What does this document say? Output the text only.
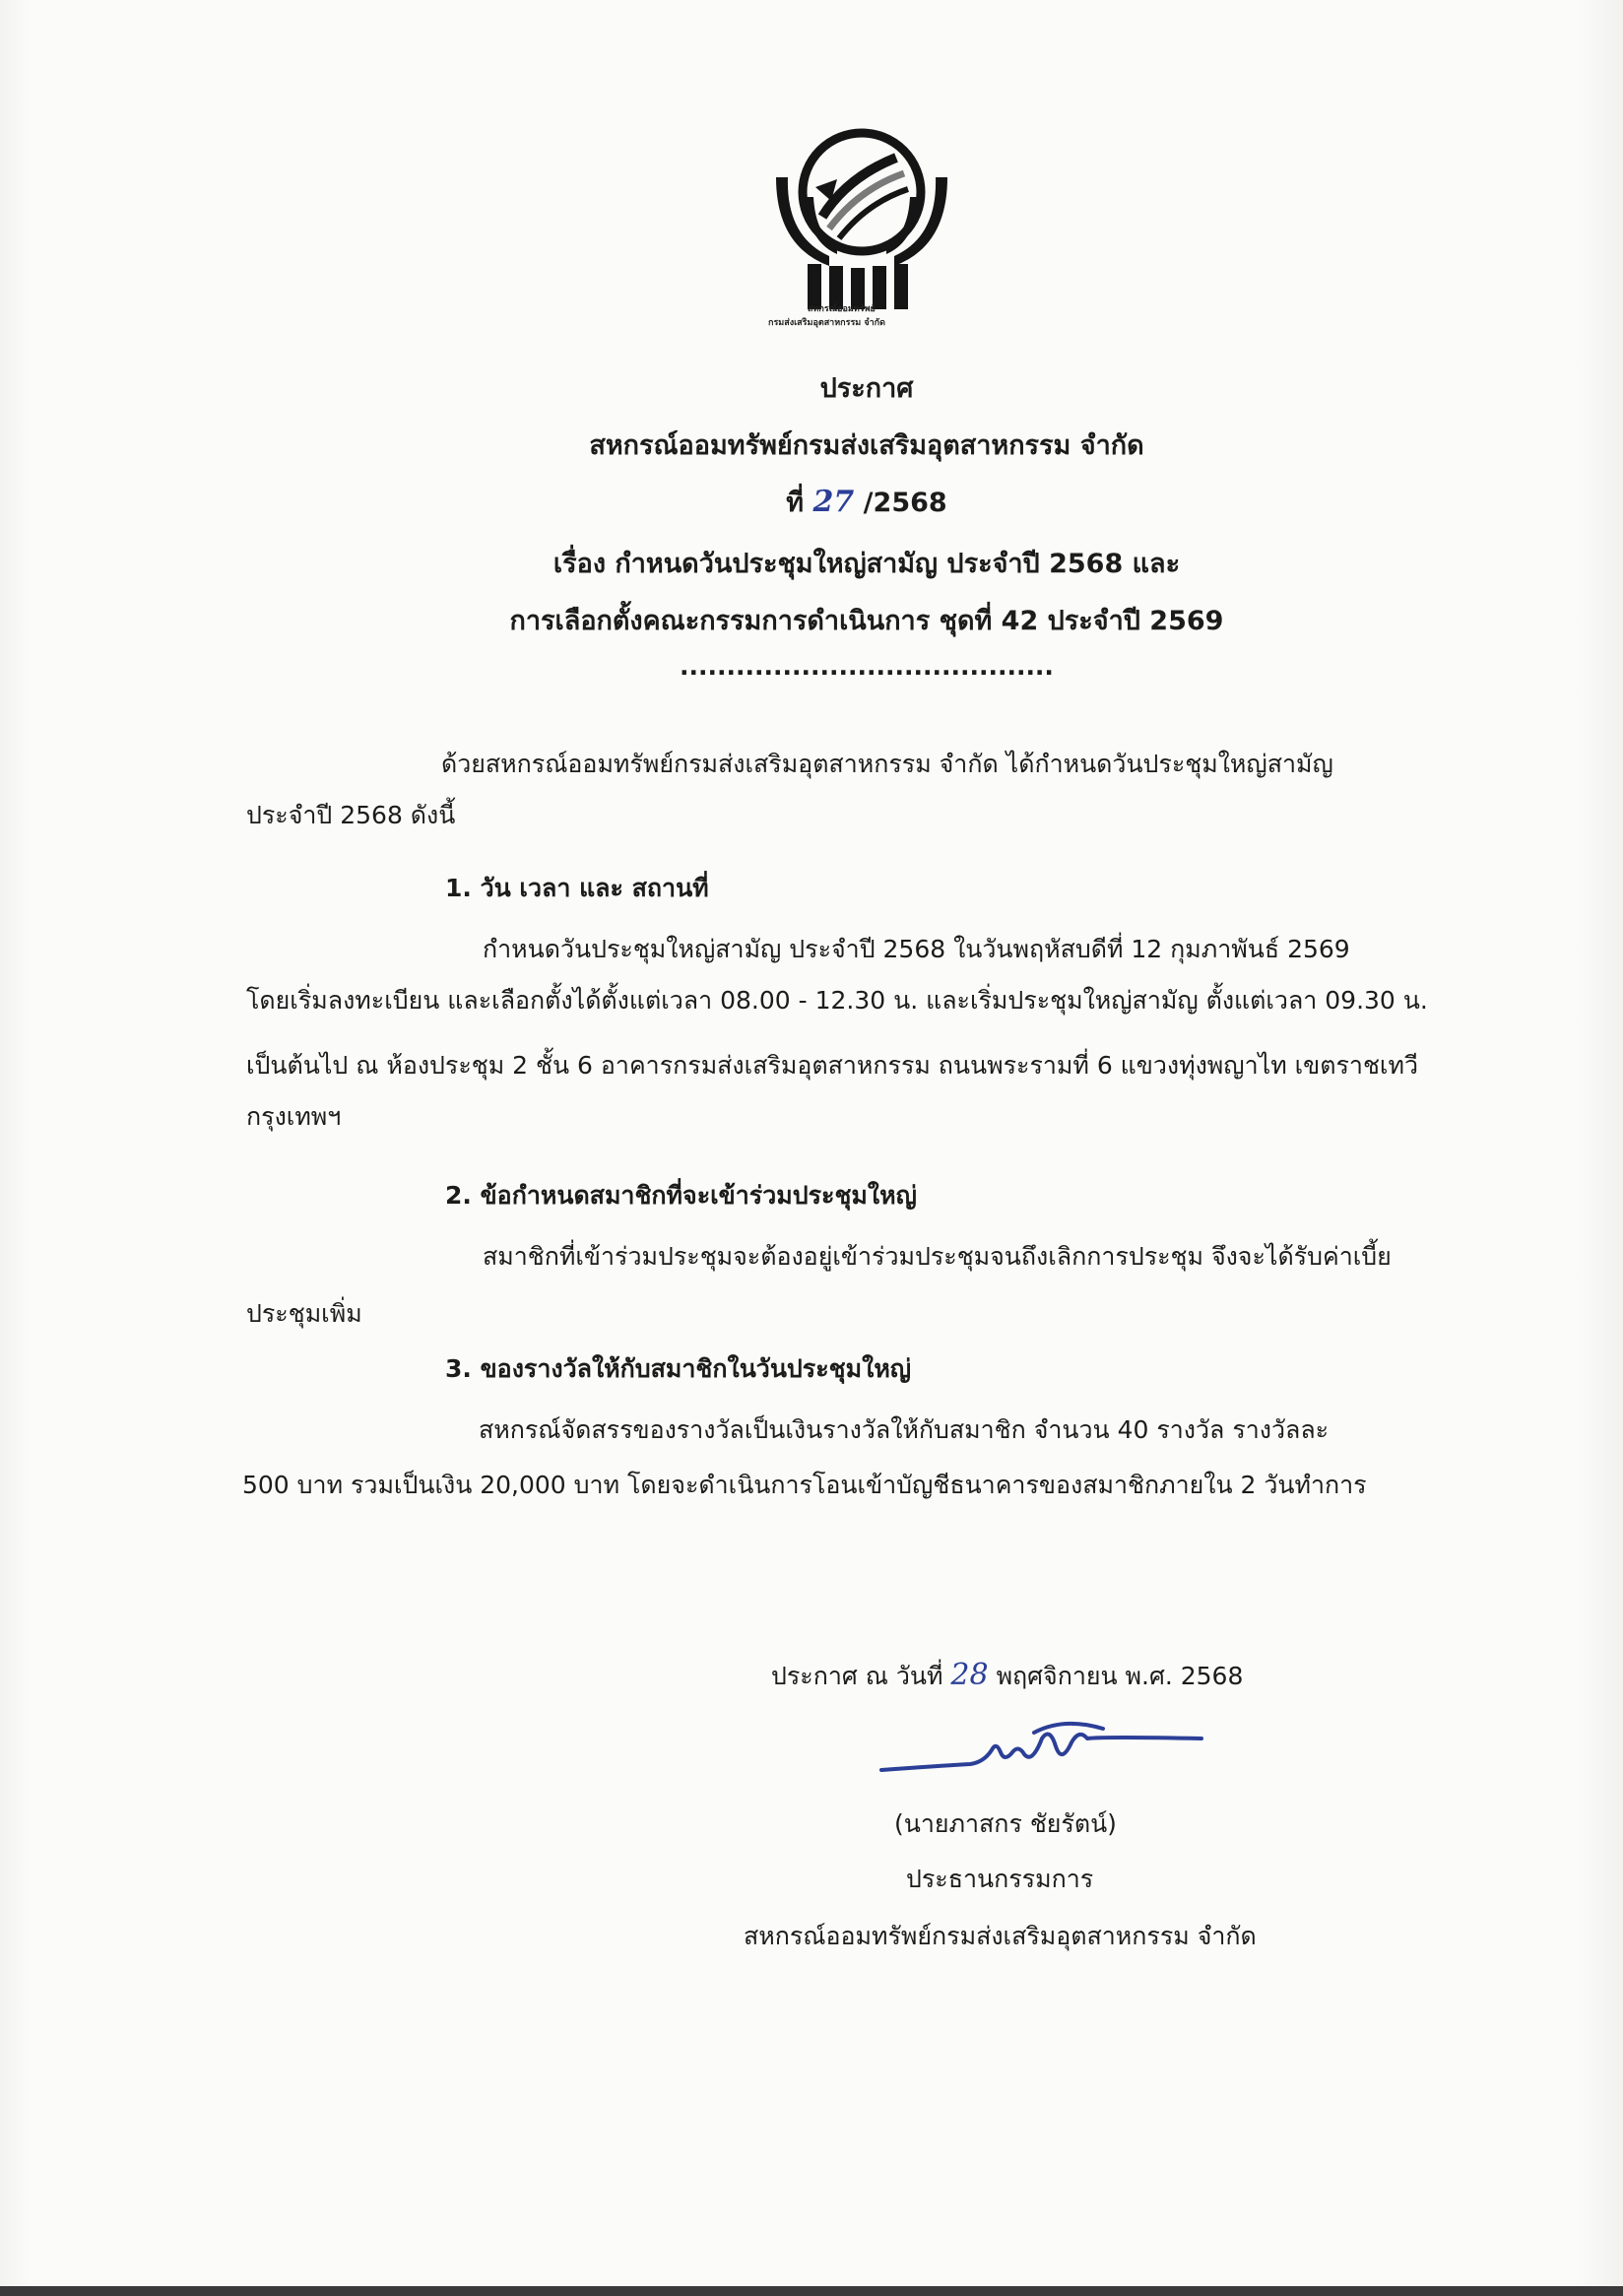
สหกรณ์ออมทรัพย์
กรมส่งเสริมอุตสาหกรรม จำกัด
ประกาศ
สหกรณ์ออมทรัพย์กรมส่งเสริมอุตสาหกรรม จำกัด
ที่ 27 /2568
เรื่อง กำหนดวันประชุมใหญ่สามัญ ประจำปี 2568 และ
การเลือกตั้งคณะกรรมการดำเนินการ ชุดที่ 42 ประจำปี 2569
........................................
ด้วยสหกรณ์ออมทรัพย์กรมส่งเสริมอุตสาหกรรม จำกัด ได้กำหนดวันประชุมใหญ่สามัญ
ประจำปี 2568 ดังนี้
1. วัน เวลา และ สถานที่
กำหนดวันประชุมใหญ่สามัญ ประจำปี 2568 ในวันพฤหัสบดีที่ 12 กุมภาพันธ์ 2569
โดยเริ่มลงทะเบียน และเลือกตั้งได้ตั้งแต่เวลา 08.00 - 12.30 น. และเริ่มประชุมใหญ่สามัญ ตั้งแต่เวลา 09.30 น.
เป็นต้นไป ณ ห้องประชุม 2 ชั้น 6 อาคารกรมส่งเสริมอุตสาหกรรม ถนนพระรามที่ 6 แขวงทุ่งพญาไท เขตราชเทวี
กรุงเทพฯ
2. ข้อกำหนดสมาชิกที่จะเข้าร่วมประชุมใหญ่
สมาชิกที่เข้าร่วมประชุมจะต้องอยู่เข้าร่วมประชุมจนถึงเลิกการประชุม จึงจะได้รับค่าเบี้ย
ประชุมเพิ่ม
3. ของรางวัลให้กับสมาชิกในวันประชุมใหญ่
สหกรณ์จัดสรรของรางวัลเป็นเงินรางวัลให้กับสมาชิก จำนวน 40 รางวัล รางวัลละ
500 บาท รวมเป็นเงิน 20,000 บาท โดยจะดำเนินการโอนเข้าบัญชีธนาคารของสมาชิกภายใน 2 วันทำการ
ประกาศ ณ วันที่ 28 พฤศจิกายน พ.ศ. 2568
(นายภาสกร ชัยรัตน์)
ประธานกรรมการ
สหกรณ์ออมทรัพย์กรมส่งเสริมอุตสาหกรรม จำกัด
